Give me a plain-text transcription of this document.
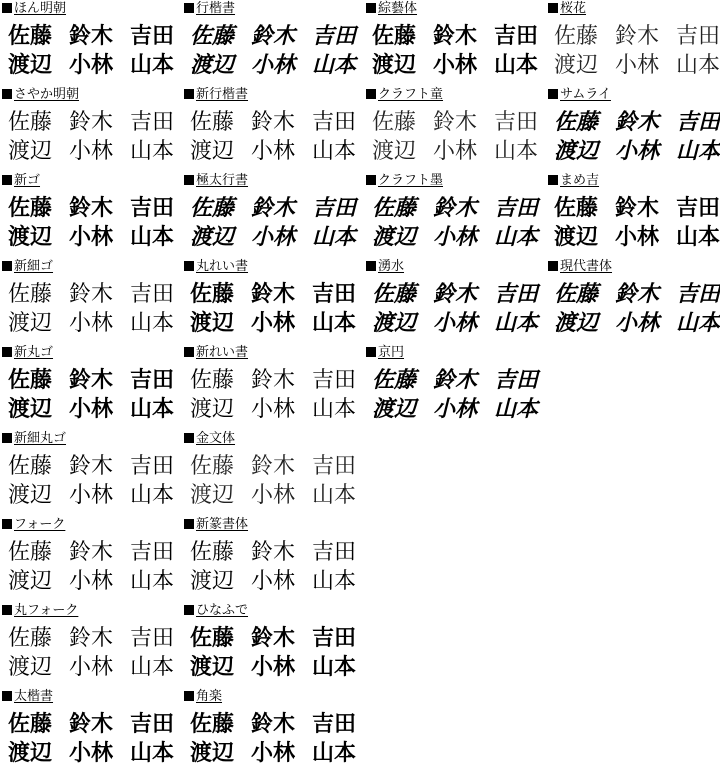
ほん明朝
佐藤 鈴木 吉田
渡辺 小林 山本
さやか明朝
佐藤 鈴木 吉田
渡辺 小林 山本
新ゴ
佐藤 鈴木 吉田
渡辺 小林 山本
新細ゴ
佐藤 鈴木 吉田
渡辺 小林 山本
新丸ゴ
佐藤 鈴木 吉田
渡辺 小林 山本
新細丸ゴ
佐藤 鈴木 吉田
渡辺 小林 山本
フォーク
佐藤 鈴木 吉田
渡辺 小林 山本
丸フォーク
佐藤 鈴木 吉田
渡辺 小林 山本
太楷書
佐藤 鈴木 吉田
渡辺 小林 山本
行楷書
佐藤 鈴木 吉田
渡辺 小林 山本
新行楷書
佐藤 鈴木 吉田
渡辺 小林 山本
極太行書
佐藤 鈴木 吉田
渡辺 小林 山本
丸れい書
佐藤 鈴木 吉田
渡辺 小林 山本
新れい書
佐藤 鈴木 吉田
渡辺 小林 山本
金文体
佐藤 鈴木 吉田
渡辺 小林 山本
新篆書体
佐藤 鈴木 吉田
渡辺 小林 山本
ひなふで
佐藤 鈴木 吉田
渡辺 小林 山本
角楽
佐藤 鈴木 吉田
渡辺 小林 山本
綜藝体
佐藤 鈴木 吉田
渡辺 小林 山本
クラフト童
佐藤 鈴木 吉田
渡辺 小林 山本
クラフト墨
佐藤 鈴木 吉田
渡辺 小林 山本
湧水
佐藤 鈴木 吉田
渡辺 小林 山本
京円
佐藤 鈴木 吉田
渡辺 小林 山本
桜花
佐藤 鈴木 吉田
渡辺 小林 山本
サムライ
佐藤 鈴木 吉田
渡辺 小林 山本
まめ吉
佐藤 鈴木 吉田
渡辺 小林 山本
現代書体
佐藤 鈴木 吉田
渡辺 小林 山本
